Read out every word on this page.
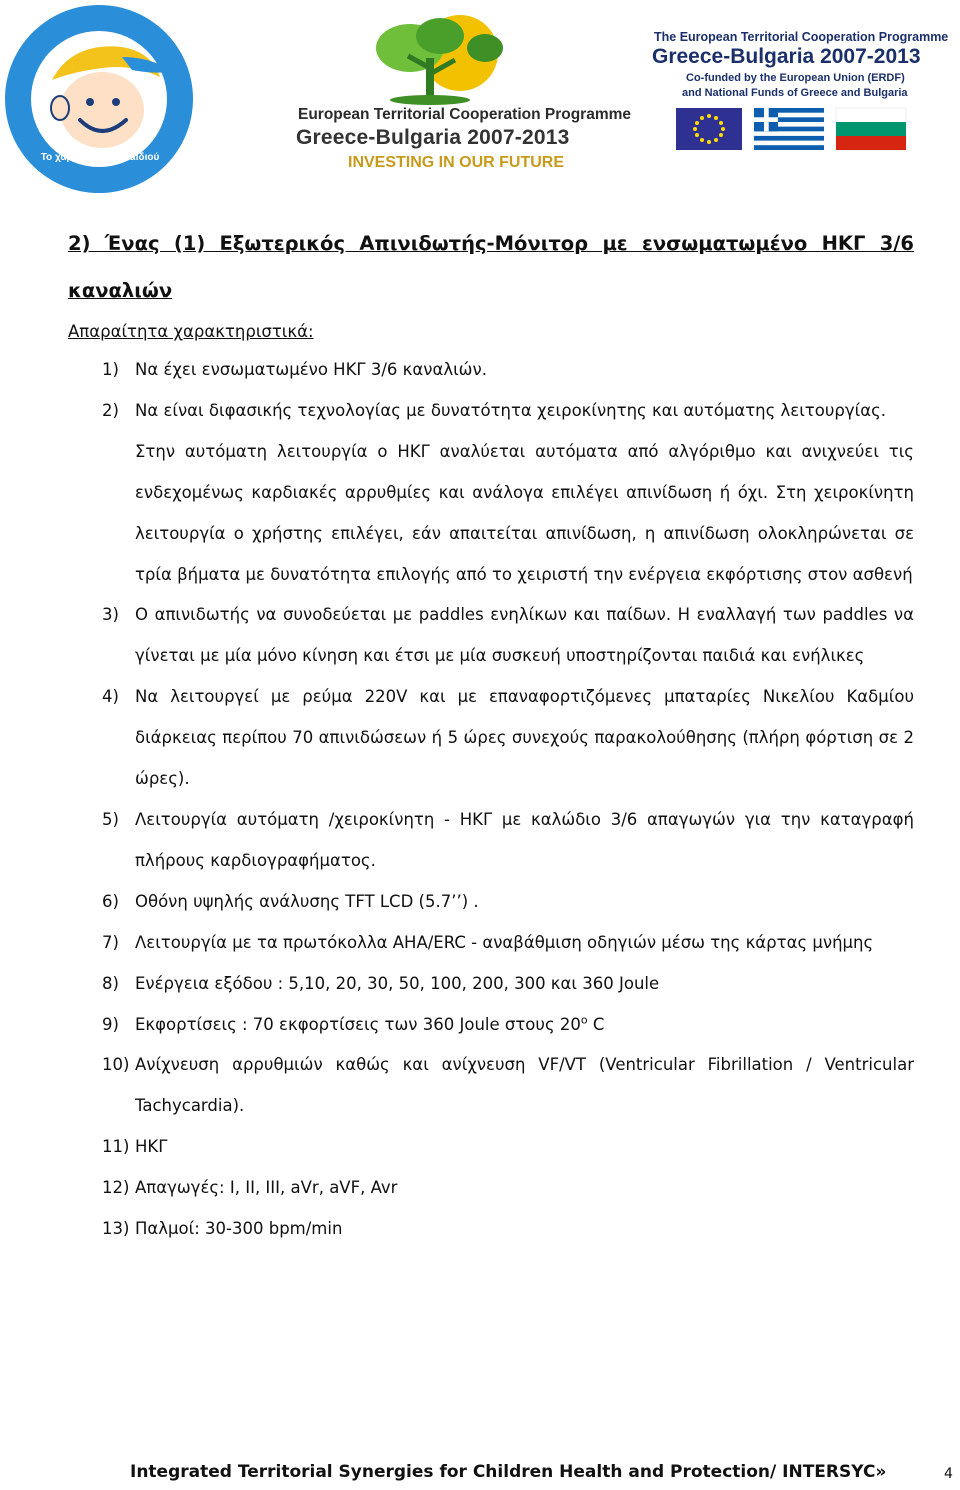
Το χαμόγελο του παιδιού
European Territorial Cooperation Programme
Greece-Bulgaria 2007-2013
INVESTING IN OUR FUTURE
The European Territorial Cooperation Programme
Greece-Bulgaria 2007-2013
Co-funded by the European Union (ERDF)
and National Funds of Greece and Bulgaria

2) Ένας (1) Εξωτερικός Απινιδωτής-Μόνιτορ με ενσωματωμένο ΗΚΓ 3/6 καναλιών

Απαραίτητα χαρακτηριστικά:

1) Να έχει ενσωματωμένο ΗΚΓ 3/6 καναλιών.

2) Να είναι διφασικής τεχνολογίας με δυνατότητα χειροκίνητης και αυτόματης λειτουργίας.

Στην αυτόματη λειτουργία ο ΗΚΓ αναλύεται αυτόματα από αλγόριθμο και ανιχνεύει τις ενδεχομένως καρδιακές αρρυθμίες και ανάλογα επιλέγει απινίδωση ή όχι. Στη χειροκίνητη λειτουργία ο χρήστης επιλέγει, εάν απαιτείται απινίδωση, η απινίδωση ολοκληρώνεται σε τρία βήματα με δυνατότητα επιλογής από το χειριστή την ενέργεια εκφόρτισης στον ασθενή

3) Ο απινιδωτής να συνοδεύεται με paddles ενηλίκων και παίδων. Η εναλλαγή των paddles να γίνεται με μία μόνο κίνηση και έτσι με μία συσκευή υποστηρίζονται παιδιά και ενήλικες

4) Να λειτουργεί με ρεύμα 220V και με επαναφορτιζόμενες μπαταρίες Νικελίου Καδμίου διάρκειας περίπου 70 απινιδώσεων ή 5 ώρες συνεχούς παρακολούθησης (πλήρη φόρτιση σε 2 ώρες).

5) Λειτουργία αυτόματη /χειροκίνητη - ΗΚΓ με καλώδιο 3/6 απαγωγών για την καταγραφή πλήρους καρδιογραφήματος.

6) Οθόνη υψηλής ανάλυσης TFT LCD (5.7’’) .

7) Λειτουργία με τα πρωτόκολλα AHA/ERC - αναβάθμιση οδηγιών μέσω της κάρτας μνήμης

8) Ενέργεια εξόδου : 5,10, 20, 30, 50, 100, 200, 300 και 360 Joule

9) Εκφορτίσεις : 70 εκφορτίσεις των 360 Joule στους 20$^o$ C

10) Ανίχνευση αρρυθμιών καθώς και ανίχνευση VF/VT (Ventricular Fibrillation / Ventricular Tachycardia).

11) ΗΚΓ

12) Απαγωγές: I, II, III, aVr, aVF, Avr

13) Παλμοί: 30-300 bpm/min

Integrated Territorial Synergies for Children Health and Protection/ INTERSYC»	4
